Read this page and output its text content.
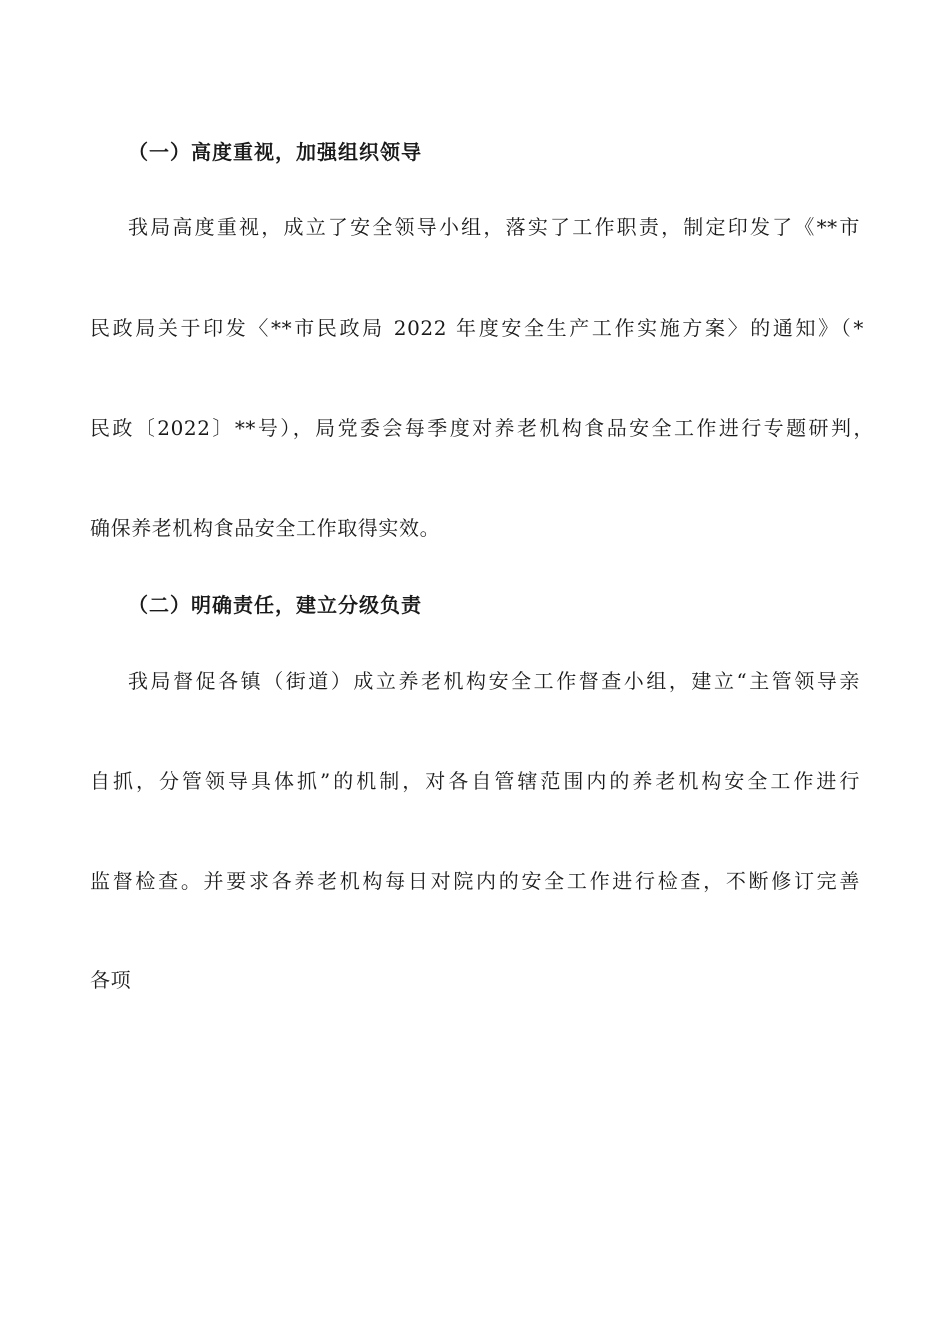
（一）高度重视，加强组织领导
我局高度重视，成立了安全领导小组，落实了工作职责，制定印发了《**市
民政局关于印发〈**市民政局 2022 年度安全生产工作实施方案〉的通知》（*
民政〔2022〕**号），局党委会每季度对养老机构食品安全工作进行专题研判，
确保养老机构食品安全工作取得实效。
（二）明确责任，建立分级负责
我局督促各镇（街道）成立养老机构安全工作督查小组，建立“主管领导亲
自抓，分管领导具体抓”的机制，对各自管辖范围内的养老机构安全工作进行
监督检查。并要求各养老机构每日对院内的安全工作进行检查，不断修订完善
各项
